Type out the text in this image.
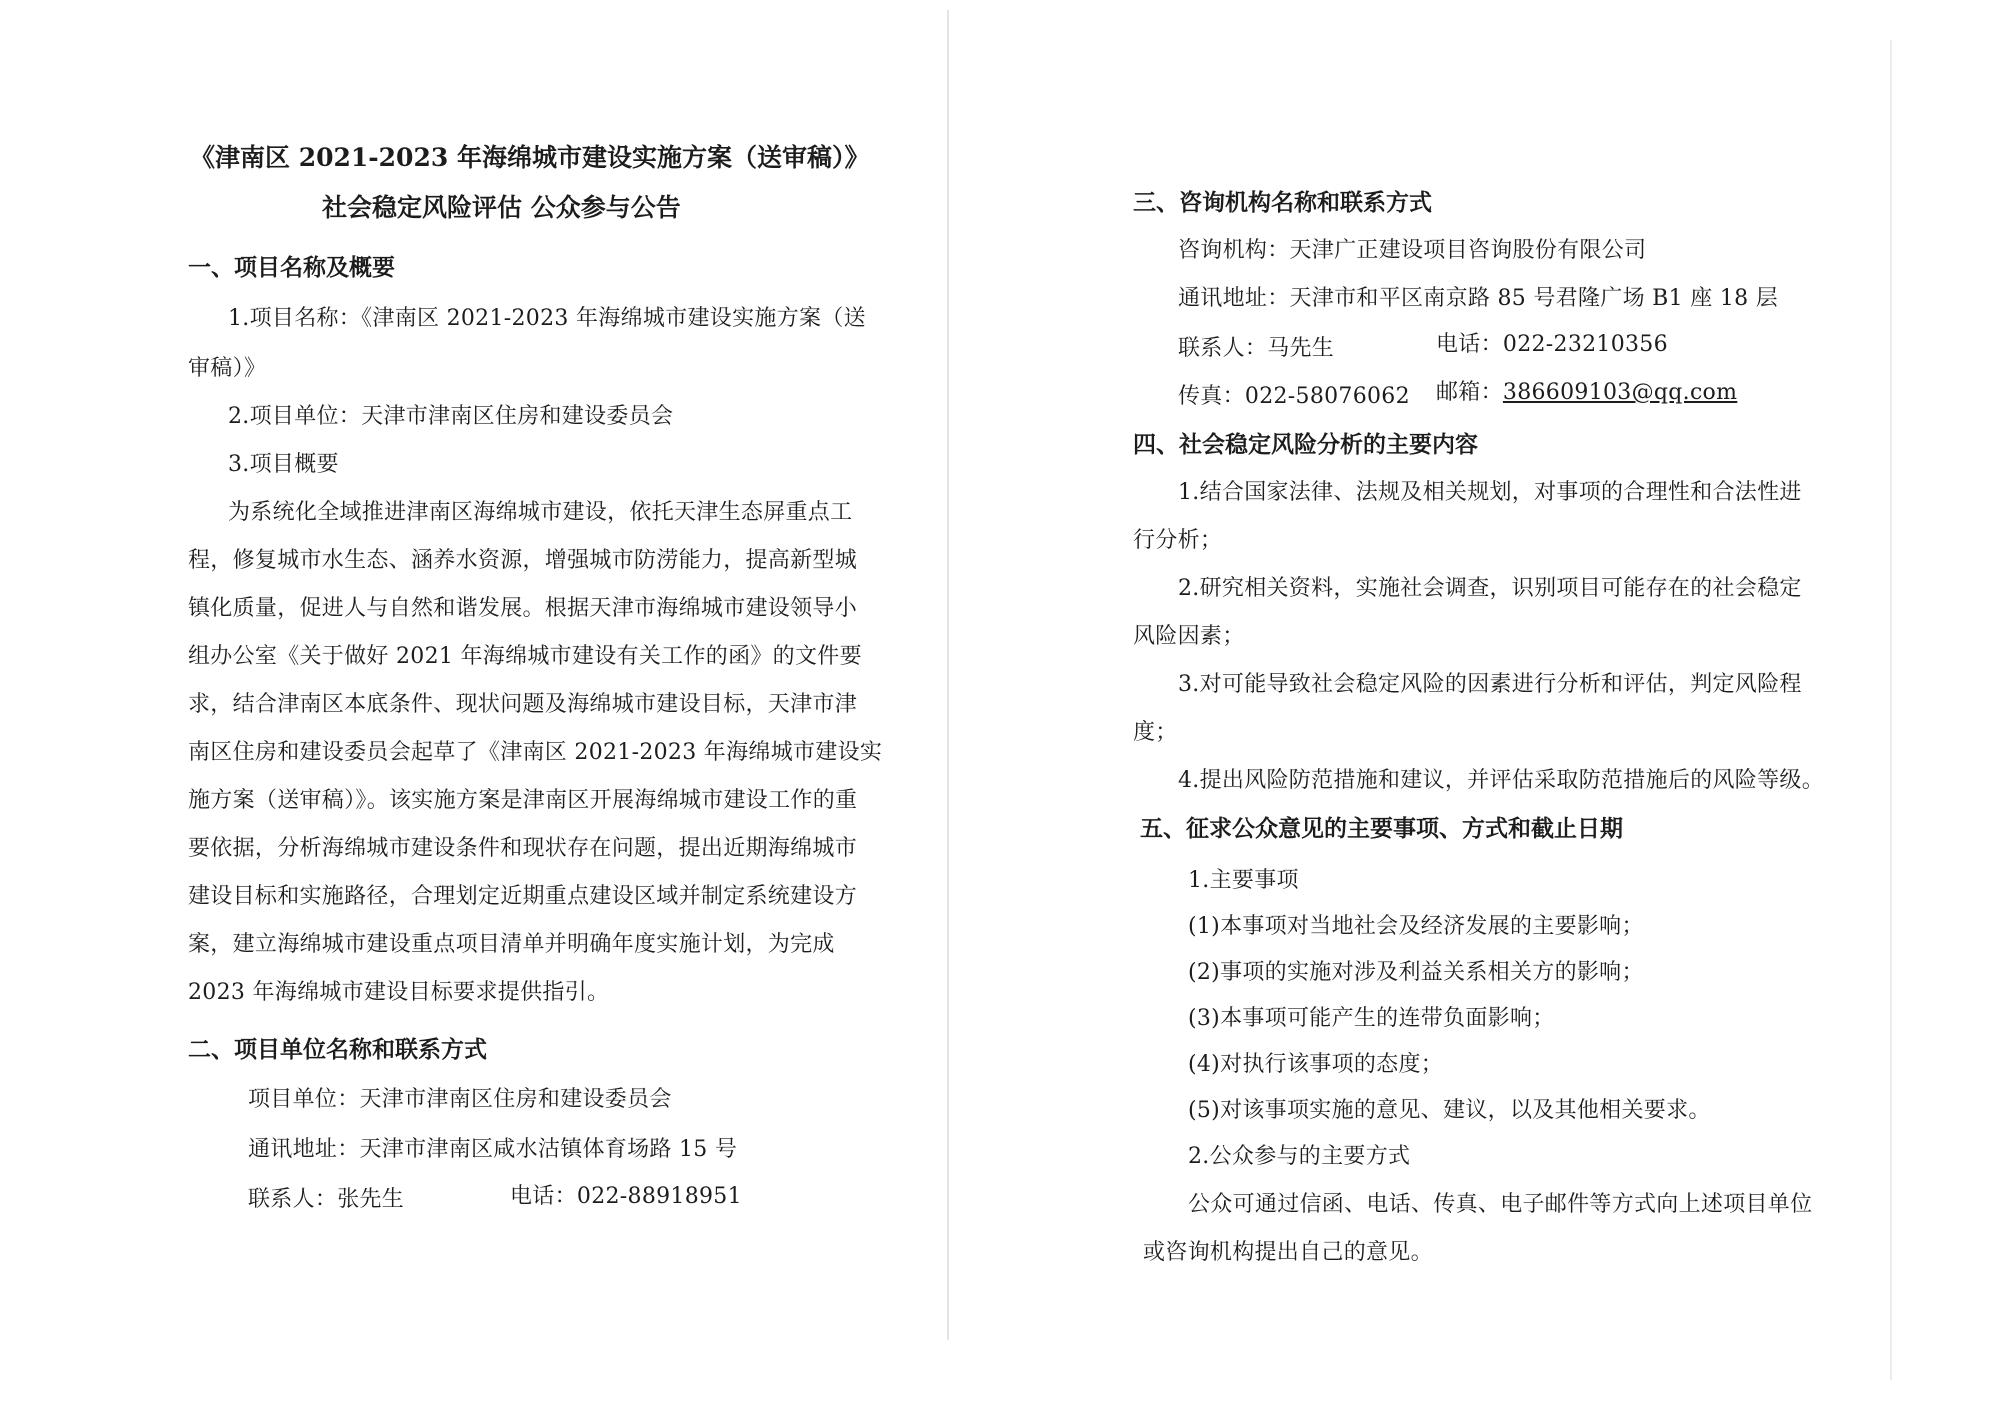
《津南区 2021-2023 年海绵城市建设实施方案（送审稿）》
社会稳定风险评估 公众参与公告
一、项目名称及概要
1.项目名称：《津南区 2021-2023 年海绵城市建设实施方案（送
审稿）》
2.项目单位：天津市津南区住房和建设委员会
3.项目概要
为系统化全域推进津南区海绵城市建设，依托天津生态屏重点工
程，修复城市水生态、涵养水资源，增强城市防涝能力，提高新型城
镇化质量，促进人与自然和谐发展。根据天津市海绵城市建设领导小
组办公室《关于做好 2021 年海绵城市建设有关工作的函》的文件要
求，结合津南区本底条件、现状问题及海绵城市建设目标，天津市津
南区住房和建设委员会起草了《津南区 2021-2023 年海绵城市建设实
施方案（送审稿）》。该实施方案是津南区开展海绵城市建设工作的重
要依据，分析海绵城市建设条件和现状存在问题，提出近期海绵城市
建设目标和实施路径，合理划定近期重点建设区域并制定系统建设方
案，建立海绵城市建设重点项目清单并明确年度实施计划，为完成
2023 年海绵城市建设目标要求提供指引。
二、项目单位名称和联系方式
项目单位：天津市津南区住房和建设委员会
通讯地址：天津市津南区咸水沽镇体育场路 15 号
联系人：张先生	电话：022-88918951
三、咨询机构名称和联系方式
咨询机构：天津广正建设项目咨询股份有限公司
通讯地址：天津市和平区南京路 85 号君隆广场 B1 座 18 层
联系人：马先生	电话：022-23210356
传真：022-58076062 邮箱：386609103@qq.com
四、社会稳定风险分析的主要内容
1.结合国家法律、法规及相关规划，对事项的合理性和合法性进
行分析；
2.研究相关资料，实施社会调查，识别项目可能存在的社会稳定
风险因素；
3.对可能导致社会稳定风险的因素进行分析和评估，判定风险程
度；
4.提出风险防范措施和建议，并评估采取防范措施后的风险等级。
五、征求公众意见的主要事项、方式和截止日期
1.主要事项
(1)本事项对当地社会及经济发展的主要影响；
(2)事项的实施对涉及利益关系相关方的影响；
(3)本事项可能产生的连带负面影响；
(4)对执行该事项的态度；
(5)对该事项实施的意见、建议，以及其他相关要求。
2.公众参与的主要方式
公众可通过信函、电话、传真、电子邮件等方式向上述项目单位
或咨询机构提出自己的意见。
